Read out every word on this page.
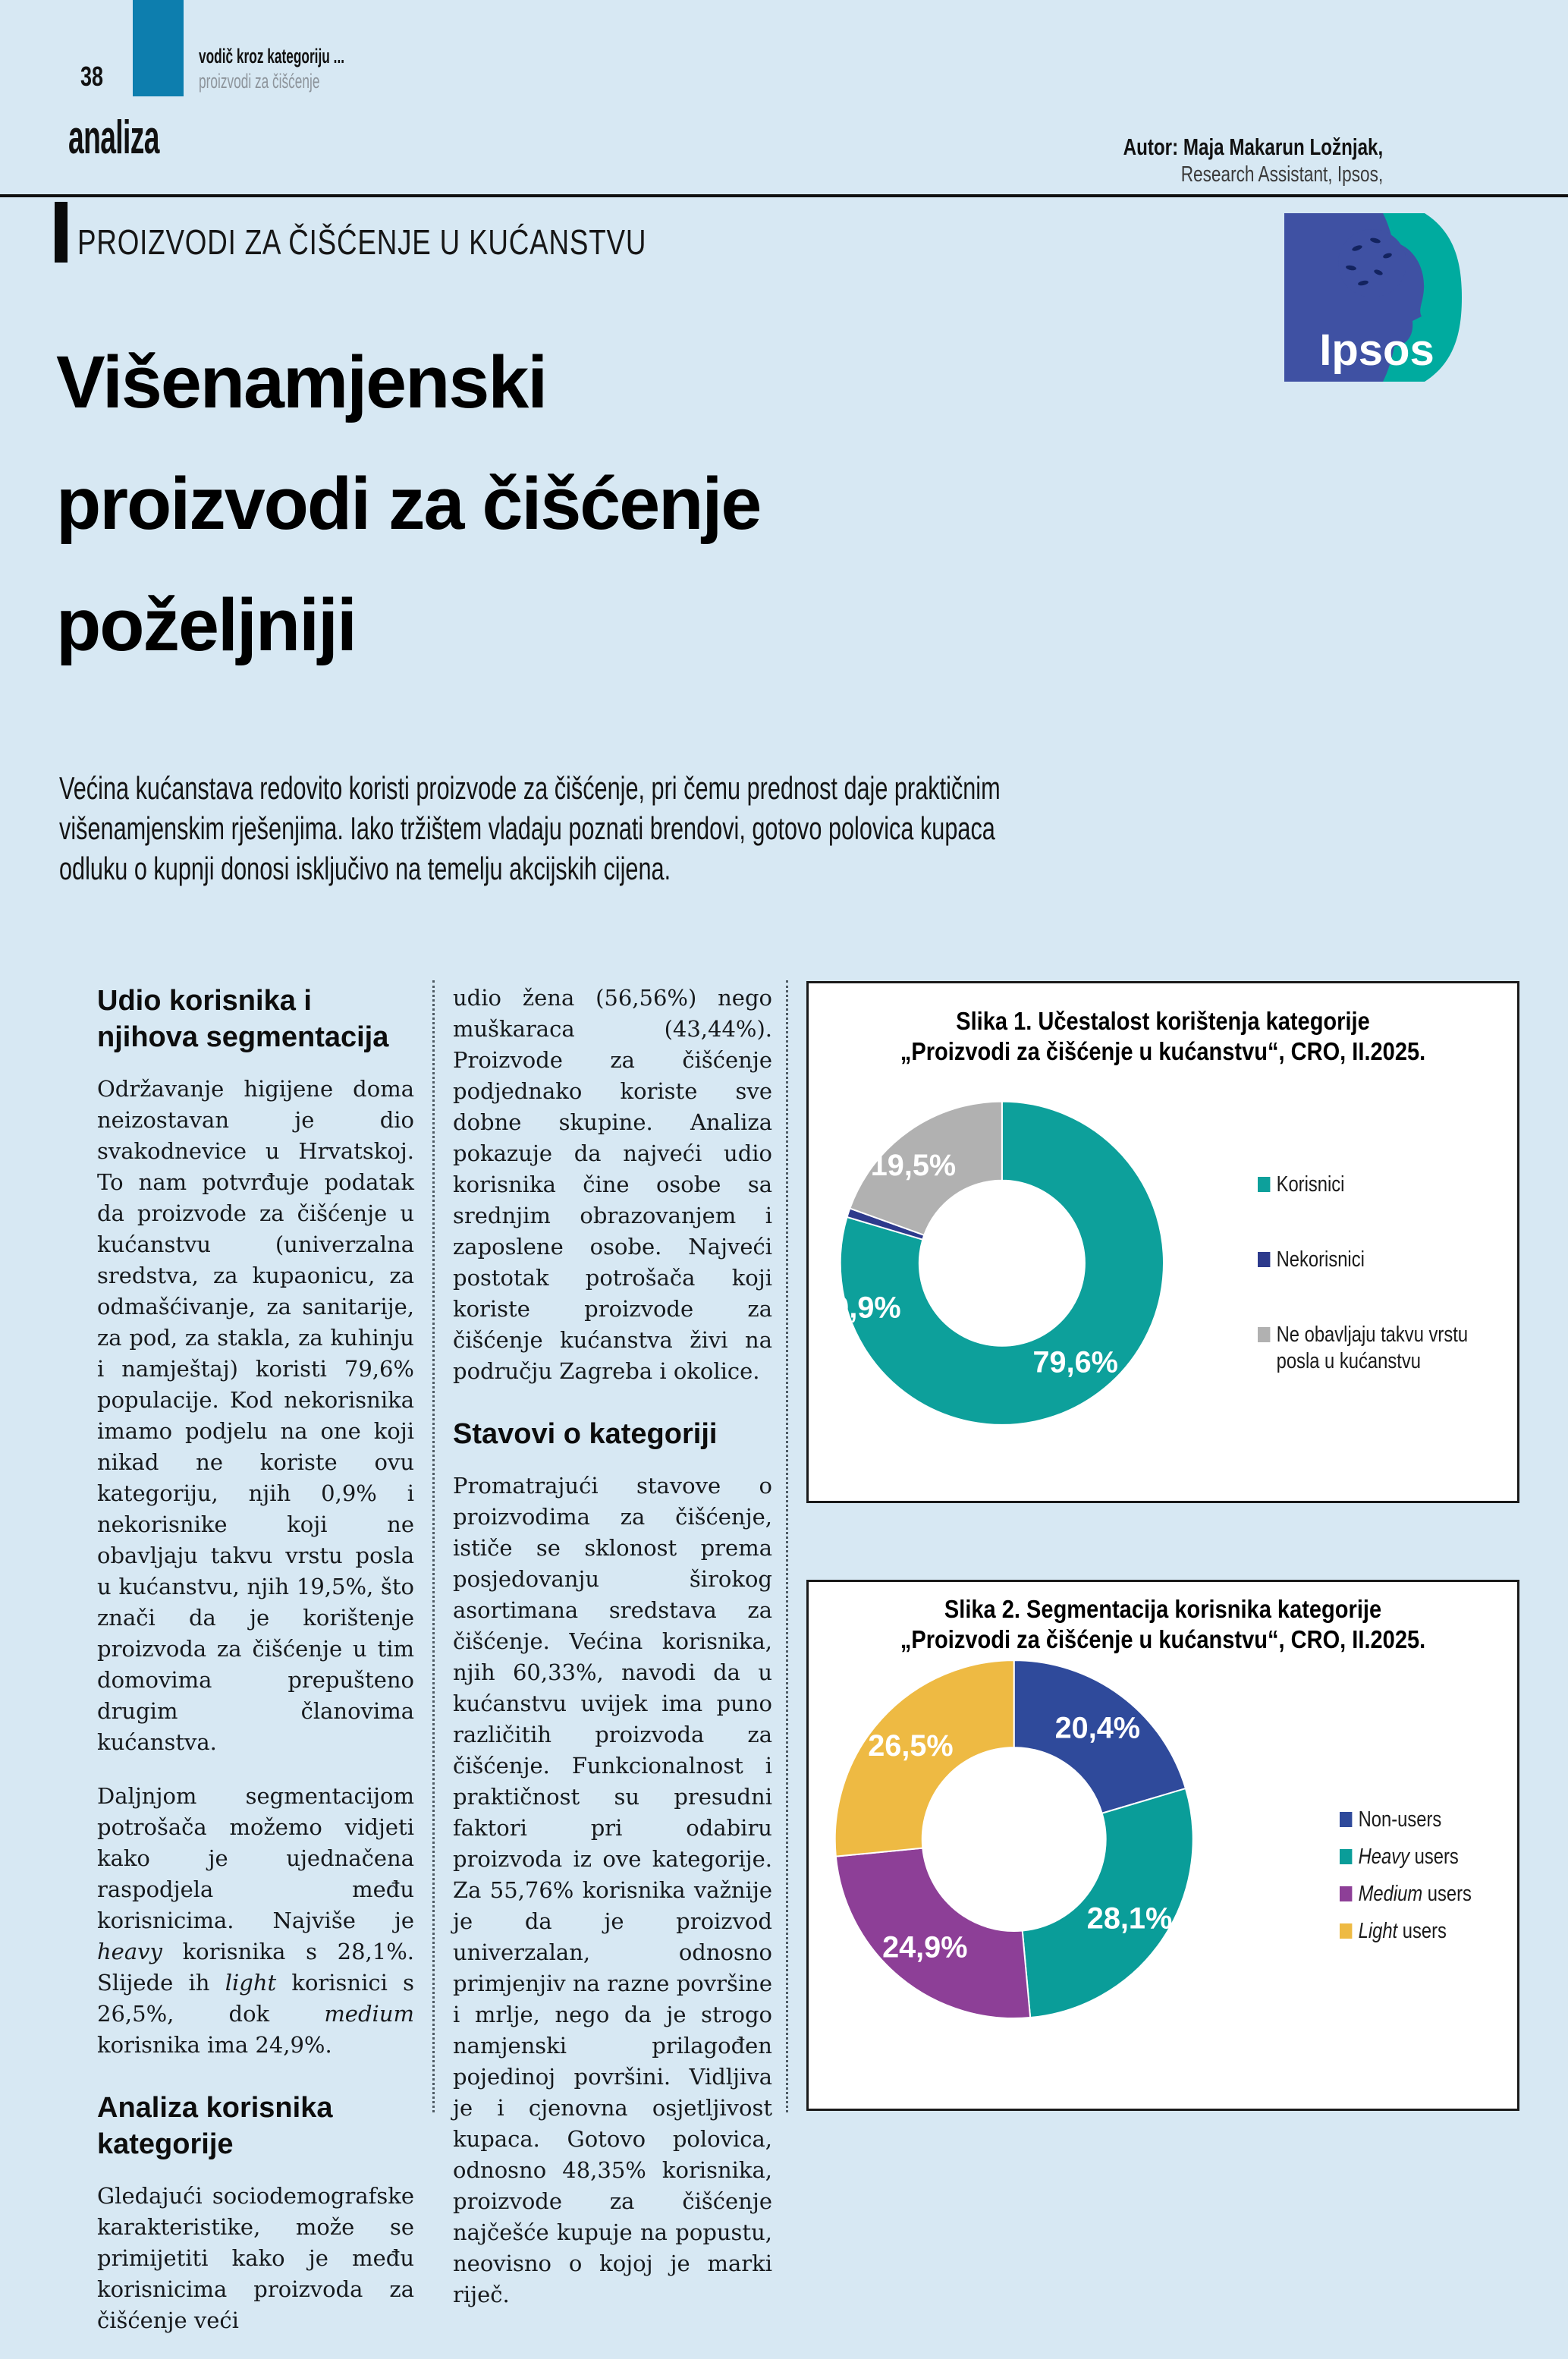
38
vodič kroz kategoriju ...
proizvodi za čišćenje
analiza	Autor: Maja Makarun Ložnjak,
Research Assistant, Ipsos,
PROIZVODI ZA ČIŠĆENJE U KUĆANSTVU
Ipsos
Višenamjenski
proizvodi za čišćenje
poželjniji
Većina kućanstava redovito koristi proizvode za čišćenje, pri čemu prednost daje praktičnim
višenamjenskim rješenjima. Iako tržištem vladaju poznati brendovi, gotovo polovica kupaca
odluku o kupnji donosi isključivo na temelju akcijskih cijena.
Udio korisnika i njihova segmentacija

Održavanje higijene doma neizostavan je dio svakodnevice u Hrvatskoj. To nam potvrđuje podatak da proizvode za čišćenje u kućanstvu (univerzalna sredstva, za kupaonicu, za odmašćivanje, za sanitarije, za pod, za stakla, za kuhinju i namještaj) koristi 79,6% populacije. Kod nekorisnika imamo podjelu na one koji nikad ne koriste ovu kategoriju, njih 0,9% i nekorisnike koji ne obavljaju takvu vrstu posla u kućanstvu, njih 19,5%, što znači da je korištenje proizvoda za čišćenje u tim domovima prepušteno drugim članovima kućanstva.

Daljnjom segmentacijom potrošača možemo vidjeti kako je ujednačena raspodjela među korisnicima. Najviše je heavy korisnika s 28,1%. Slijede ih light korisnici s 26,5%, dok medium korisnika ima 24,9%.

Analiza korisnika kategorije

Gledajući sociodemografske karakteristike, može se primijetiti kako je među korisnicima proizvoda za čišćenje veći

udio žena (56,56%) nego muškaraca (43,44%). Proizvode za čišćenje podjednako koriste sve dobne skupine. Analiza pokazuje da najveći udio korisnika čine osobe sa srednjim obrazovanjem i zaposlene osobe. Najveći postotak potrošača koji koriste proizvode za čišćenje kućanstva živi na području Zagreba i okolice.

Stavovi o kategoriji

Promatrajući stavove o proizvodima za čišćenje, ističe se sklonost prema posjedovanju širokog asortimana sredstava za čišćenje. Većina korisnika, njih 60,33%, navodi da u kućanstvu uvijek ima puno različitih proizvoda za čišćenje. Funkcionalnost i praktičnost su presudni faktori pri odabiru proizvoda iz ove kategorije. Za 55,76% korisnika važnije je da je proizvod univerzalan, odnosno primjenjiv na razne površine i mrlje, nego da je strogo namjenski prilagođen pojedinoj površini. Vidljiva je i cjenovna osjetljivost kupaca. Gotovo polovica, odnosno 48,35% korisnika, proizvode za čišćenje najčešće kupuje na popustu, neovisno o kojoj je marki riječ.

Slika 1. Učestalost korištenja kategorije
„Proizvodi za čišćenje u kućanstvu“, CRO, II.2025.
79,6%
0,9%
19,5%
Korisnici
Nekorisnici
Ne obavljaju takvu vrstu posla u kućanstvu
Slika 2. Segmentacija korisnika kategorije
„Proizvodi za čišćenje u kućanstvu“, CRO, II.2025.
20,4%
28,1%
24,9%
26,5%
Non-users
Heavy users
Medium users
Light users
